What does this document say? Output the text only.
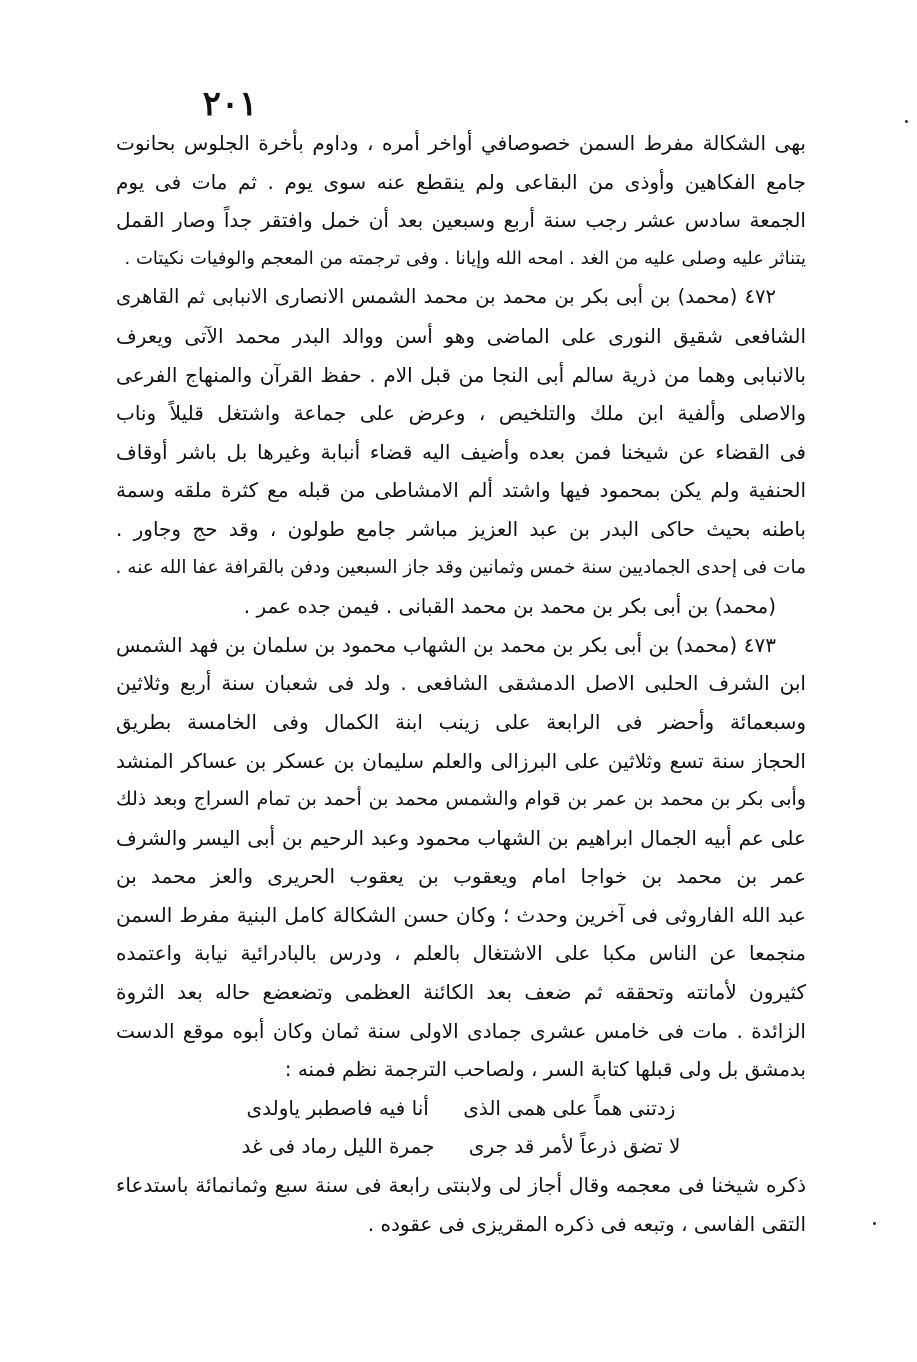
٢٠١
بهى الشكالة مفرط السمن خصوصافي أواخر أمره ، وداوم بأخرة الجلوس بحانوت
جامع الفكاهين وأوذى من البقاعى ولم ينقطع عنه سوى يوم . ثم مات فى يوم
الجمعة سادس عشر رجب سنة أربع وسبعين بعد أن خمل وافتقر جداً وصار القمل
يتناثر عليه وصلى عليه من الغد . امحه الله وإيانا . وفى ترجمته من المعجم والوفيات نكيتات .
٤٧٢ (محمد) بن أبى بكر بن محمد بن محمد الشمس الانصارى الانبابى ثم القاهرى
الشافعى شقيق النورى على الماضى وهو أسن ووالد البدر محمد الآتى ويعرف
بالانبابى وهما من ذرية سالم أبى النجا من قبل الام . حفظ القرآن والمنهاج الفرعى
والاصلى وألفية ابن ملك والتلخيص ، وعرض على جماعة واشتغل قليلاً وناب
فى القضاء عن شيخنا فمن بعده وأضيف اليه قضاء أنبابة وغيرها بل باشر أوقاف
الحنفية ولم يكن بمحمود فيها واشتد ألم الامشاطى من قبله مع كثرة ملقه وسمة
باطنه بحيث حاكى البدر بن عبد العزيز مباشر جامع طولون ، وقد حج وجاور .
مات فى إحدى الجماديين سنة خمس وثمانين وقد جاز السبعين ودفن بالقرافة عفا الله عنه .
(محمد) بن أبى بكر بن محمد بن محمد القبانى . فيمن جده عمر .
٤٧٣ (محمد) بن أبى بكر بن محمد بن الشهاب محمود بن سلمان بن فهد الشمس
ابن الشرف الحلبى الاصل الدمشقى الشافعى . ولد فى شعبان سنة أربع وثلاثين
وسبعمائة وأحضر فى الرابعة على زينب ابنة الكمال وفى الخامسة بطريق
الحجاز سنة تسع وثلاثين على البرزالى والعلم سليمان بن عسكر بن عساكر المنشد
وأبى بكر بن محمد بن عمر بن قوام والشمس محمد بن أحمد بن تمام السراج وبعد ذلك
على عم أبيه الجمال ابراهيم بن الشهاب محمود وعبد الرحيم بن أبى اليسر والشرف
عمر بن محمد بن خواجا امام ويعقوب بن يعقوب الحريرى والعز محمد بن
عبد الله الفاروثى فى آخرين وحدث ؛ وكان حسن الشكالة كامل البنية مفرط السمن
منجمعا عن الناس مكبا على الاشتغال بالعلم ، ودرس بالبادرائية نيابة واعتمده
كثيرون لأمانته وتحققه ثم ضعف بعد الكائنة العظمى وتضعضع حاله بعد الثروة
الزائدة . مات فى خامس عشرى جمادى الاولى سنة ثمان وكان أبوه موقع الدست
بدمشق بل ولى قبلها كتابة السر ، ولصاحب الترجمة نظم فمنه :
زدتنى هماً على همى الذى أنا فيه فاصطبر ياولدى
لا تضق ذرعاً لأمر قد جرى جمرة الليل رماد فى غد
ذكره شيخنا فى معجمه وقال أجاز لى ولابنتى رابعة فى سنة سبع وثمانمائة باستدعاء
التقى الفاسى ، وتبعه فى ذكره المقريزى فى عقوده .
